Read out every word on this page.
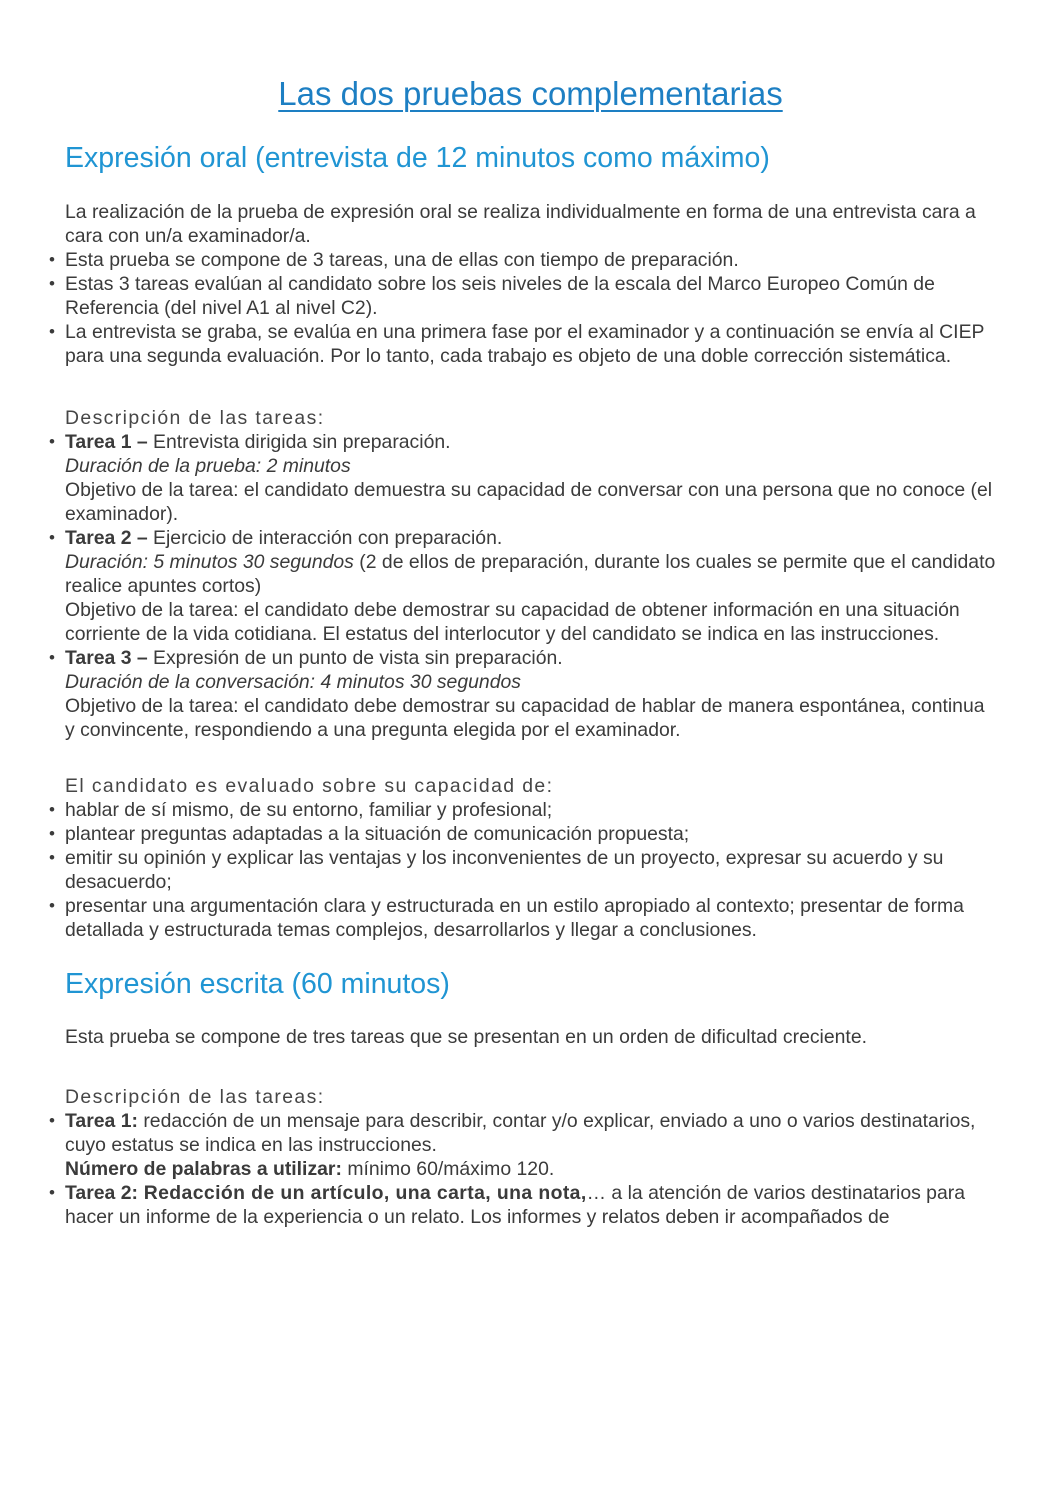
Las dos pruebas complementarias
Expresión oral (entrevista de 12 minutos como máximo)

La realización de la prueba de expresión oral se realiza individualmente en forma de una entrevista cara a cara con un/a examinador/a.

• Esta prueba se compone de 3 tareas, una de ellas con tiempo de preparación.
• Estas 3 tareas evalúan al candidato sobre los seis niveles de la escala del Marco Europeo Común de Referencia (del nivel A1 al nivel C2).
• La entrevista se graba, se evalúa en una primera fase por el examinador y a continuación se envía al CIEP para una segunda evaluación. Por lo tanto, cada trabajo es objeto de una doble corrección sistemática.

Descripción de las tareas:

• Tarea 1 – Entrevista dirigida sin preparación.
Duración de la prueba: 2 minutos
Objetivo de la tarea: el candidato demuestra su capacidad de conversar con una persona que no conoce (el examinador).
• Tarea 2 – Ejercicio de interacción con preparación.
Duración: 5 minutos 30 segundos (2 de ellos de preparación, durante los cuales se permite que el candidato realice apuntes cortos)
Objetivo de la tarea: el candidato debe demostrar su capacidad de obtener información en una situación corriente de la vida cotidiana. El estatus del interlocutor y del candidato se indica en las instrucciones.
• Tarea 3 – Expresión de un punto de vista sin preparación.
Duración de la conversación: 4 minutos 30 segundos
Objetivo de la tarea: el candidato debe demostrar su capacidad de hablar de manera espontánea, continua y convincente, respondiendo a una pregunta elegida por el examinador.

El candidato es evaluado sobre su capacidad de:

• hablar de sí mismo, de su entorno, familiar y profesional;
• plantear preguntas adaptadas a la situación de comunicación propuesta;
• emitir su opinión y explicar las ventajas y los inconvenientes de un proyecto, expresar su acuerdo y su desacuerdo;
• presentar una argumentación clara y estructurada en un estilo apropiado al contexto; presentar de forma detallada y estructurada temas complejos, desarrollarlos y llegar a conclusiones.
Expresión escrita (60 minutos)

Esta prueba se compone de tres tareas que se presentan en un orden de dificultad creciente.

Descripción de las tareas:

• Tarea 1: redacción de un mensaje para describir, contar y/o explicar, enviado a uno o varios destinatarios, cuyo estatus se indica en las instrucciones.
Número de palabras a utilizar: mínimo 60/máximo 120.
• Tarea 2: Redacción de un artículo, una carta, una nota,… a la atención de varios destinatarios para hacer un informe de la experiencia o un relato. Los informes y relatos deben ir acompañados de
